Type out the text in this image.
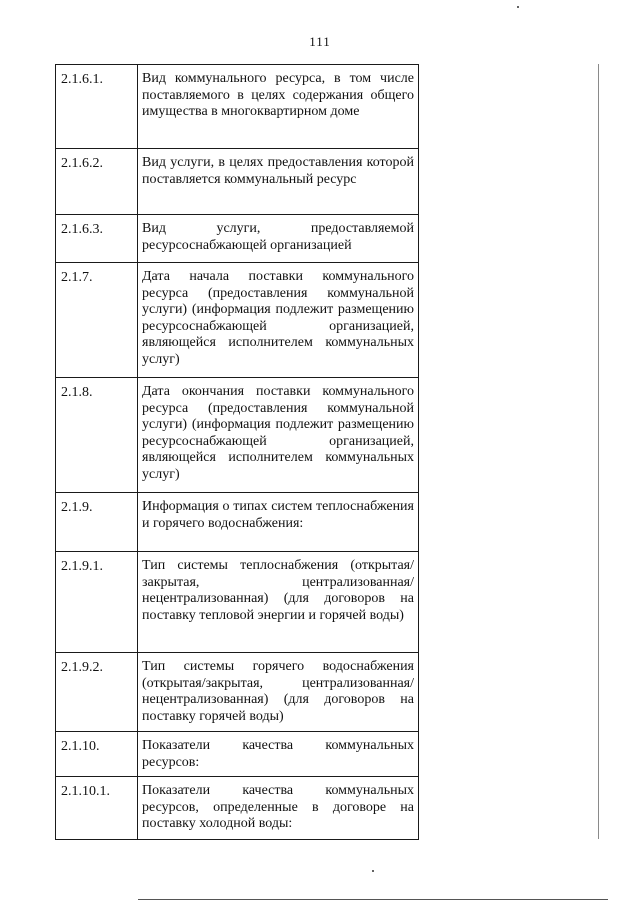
111
2.1.6.1.	Вид коммунального ресурса, в том числе поставляемого в целях содержания общего имущества в многоквартирном доме
2.1.6.2.	Вид услуги, в целях предоставления которой поставляется коммунальный ресурс
2.1.6.3.	Вид услуги, предоставляемой ресурсоснабжающей организацией
2.1.7.	Дата начала поставки коммунального ресурса (предоставления коммунальной услуги) (информация подлежит размещению ресурсоснабжающей организацией, являющейся исполнителем коммунальных услуг)
2.1.8.	Дата окончания поставки коммунального ресурса (предоставления коммунальной услуги) (информация подлежит размещению ресурсоснабжающей организацией, являющейся исполнителем коммунальных услуг)
2.1.9.	Информация о типах систем теплоснабжения и горячего водоснабжения:
2.1.9.1.	Тип системы теплоснабжения (открытая/закрытая, централизованная/нецентрализованная) (для договоров на поставку тепловой энергии и горячей воды)
2.1.9.2.	Тип системы горячего водоснабжения (открытая/закрытая, централизованная/нецентрализованная) (для договоров на поставку горячей воды)
2.1.10.	Показатели качества коммунальных ресурсов:
2.1.10.1.	Показатели качества коммунальных ресурсов, определенные в договоре на поставку холодной воды:
